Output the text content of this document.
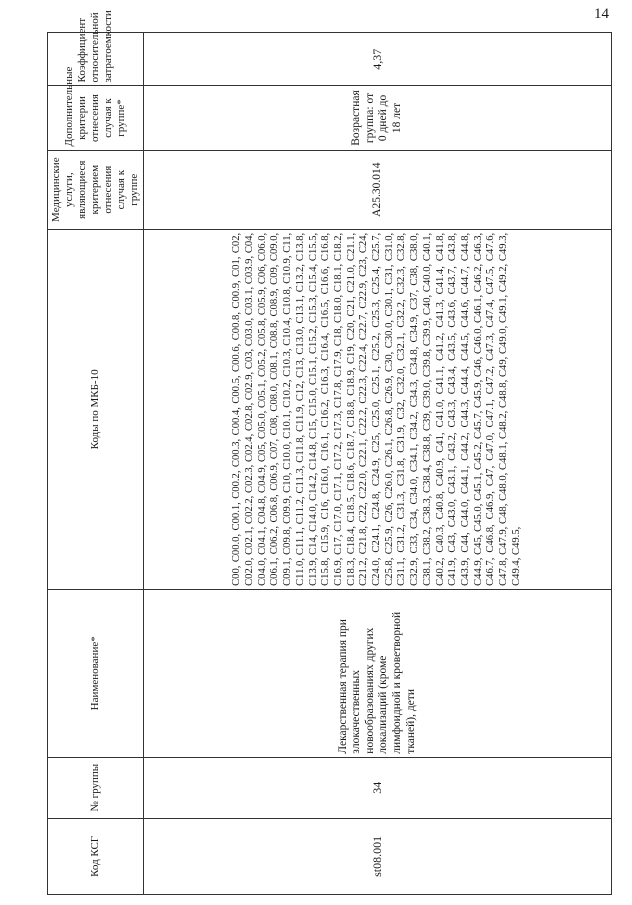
14
Код КСГ	№ группы	Наименование*	Коды по МКБ-10	Медицинские услуги, являющиеся критерием отнесения случая к группе	Дополнительные критерии отнесения случая к группе*	Коэффициент относительной затратоемкости
st08.001	34	Лекарственная терапия при злокачественных новообразованиях других локализаций (кроме лимфоидной и кроветворной тканей), дети	C00, C00.0, C00.1, C00.2, C00.3, C00.4, C00.5, C00.6, C00.8, C00.9, C01, C02, C02.0, C02.1, C02.2, C02.3, C02.4, C02.8, C02.9, C03, C03.0, C03.1, C03.9, C04, C04.0, C04.1, C04.8, C04.9, C05, C05.0, C05.1, C05.2, C05.8, C05.9, C06, C06.0, C06.1, C06.2, C06.8, C06.9, C07, C08, C08.0, C08.1, C08.8, C08.9, C09, C09.0, C09.1, C09.8, C09.9, C10, C10.0, C10.1, C10.2, C10.3, C10.4, C10.8, C10.9, C11, C11.0, C11.1, C11.2, C11.3, C11.8, C11.9, C12, C13, C13.0, C13.1, C13.2, C13.8, C13.9, C14, C14.0, C14.2, C14.8, C15, C15.0, C15.1, C15.2, C15.3, C15.4, C15.5, C15.8, C15.9, C16, C16.0, C16.1, C16.2, C16.3, C16.4, C16.5, C16.6, C16.8, C16.9, C17, C17.0, C17.1, C17.2, C17.3, C17.8, C17.9, C18, C18.0, C18.1, C18.2, C18.3, C18.4, C18.5, C18.6, C18.7, C18.8, C18.9, C19, C20, C21, C21.0, C21.1, C21.2, C21.8, C22, C22.0, C22.1, C22.2, C22.3, C22.4, C22.7, C22.9, C23, C24, C24.0, C24.1, C24.8, C24.9, C25, C25.0, C25.1, C25.2, C25.3, C25.4, C25.7, C25.8, C25.9, C26, C26.0, C26.1, C26.8, C26.9, C30, C30.0, C30.1, C31, C31.0, C31.1, C31.2, C31.3, C31.8, C31.9, C32, C32.0, C32.1, C32.2, C32.3, C32.8, C32.9, C33, C34, C34.0, C34.1, C34.2, C34.3, C34.8, C34.9, C37, C38, C38.0, C38.1, C38.2, C38.3, C38.4, C38.8, C39, C39.0, C39.8, C39.9, C40, C40.0, C40.1, C40.2, C40.3, C40.8, C40.9, C41, C41.0, C41.1, C41.2, C41.3, C41.4, C41.8, C41.9, C43, C43.0, C43.1, C43.2, C43.3, C43.4, C43.5, C43.6, C43.7, C43.8, C43.9, C44, C44.0, C44.1, C44.2, C44.3, C44.4, C44.5, C44.6, C44.7, C44.8, C44.9, C45, C45.0, C45.1, C45.2, C45.7, C45.9, C46, C46.0, C46.1, C46.2, C46.3, C46.7, C46.8, C46.9, C47, C47.0, C47.1, C47.2, C47.3, C47.4, C47.5, C47.6, C47.8, C47.9, C48, C48.0, C48.1, C48.2, C48.8, C49, C49.0, C49.1, C49.2, C49.3, C49.4, C49.5,	A25.30.014	Возрастная группа: от 0 дней до 18 лет	4,37
